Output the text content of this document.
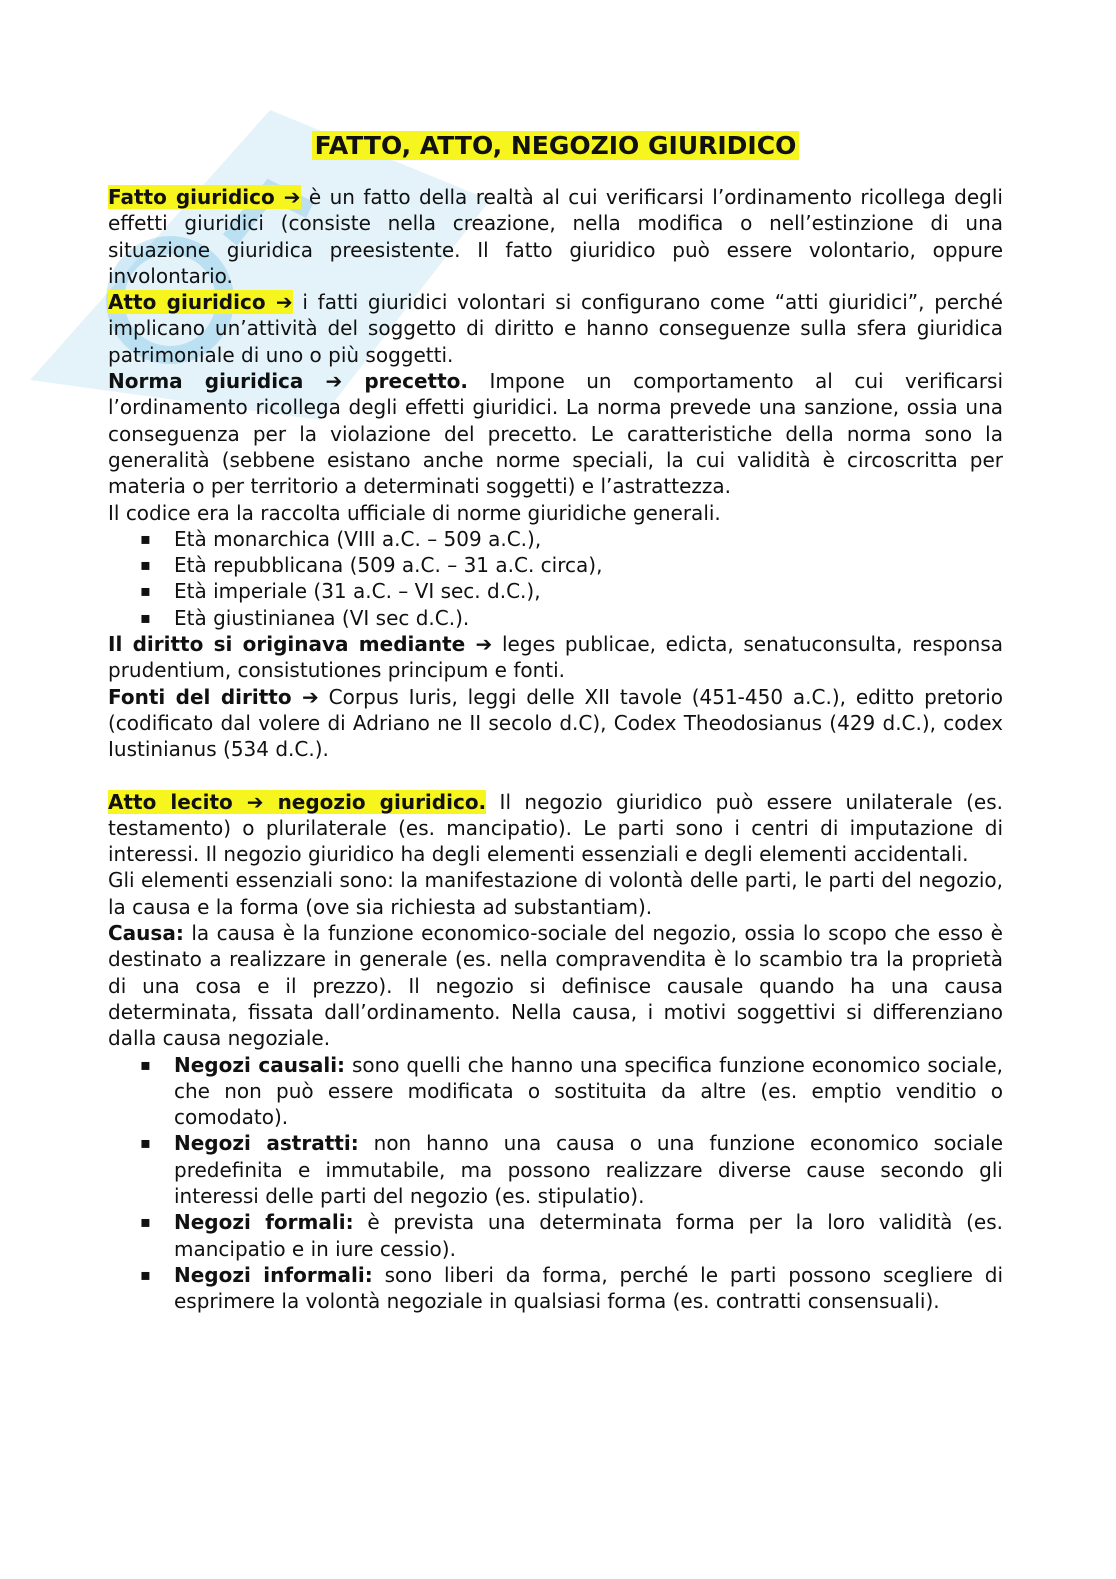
FATTO, ATTO, NEGOZIO GIURIDICO

Fatto giuridico ➔ è un fatto della realtà al cui verificarsi l’ordinamento ricollega degli effetti giuridici (consiste nella creazione, nella modifica o nell’estinzione di una situazione giuridica preesistente. Il fatto giuridico può essere volontario, oppure involontario.

Atto giuridico ➔ i fatti giuridici volontari si configurano come “atti giuridici”, perché implicano un’attività del soggetto di diritto e hanno conseguenze sulla sfera giuridica patrimoniale di uno o più soggetti.

Norma giuridica ➔ precetto. Impone un comportamento al cui verificarsi l’ordinamento ricollega degli effetti giuridici. La norma prevede una sanzione, ossia una conseguenza per la violazione del precetto. Le caratteristiche della norma sono la generalità (sebbene esistano anche norme speciali, la cui validità è circoscritta per materia o per territorio a determinati soggetti) e l’astrattezza.

Il codice era la raccolta ufficiale di norme giuridiche generali.

▪ Età monarchica (VIII a.C. – 509 a.C.),
▪ Età repubblicana (509 a.C. – 31 a.C. circa),
▪ Età imperiale (31 a.C. – VI sec. d.C.),
▪ Età giustinianea (VI sec d.C.).

Il diritto si originava mediante ➔ leges publicae, edicta, senatuconsulta, responsa prudentium, consistutiones principum e fonti.

Fonti del diritto ➔ Corpus Iuris, leggi delle XII tavole (451-450 a.C.), editto pretorio (codificato dal volere di Adriano ne II secolo d.C), Codex Theodosianus (429 d.C.), codex Iustinianus (534 d.C.).

Atto lecito ➔ negozio giuridico. Il negozio giuridico può essere unilaterale (es. testamento) o plurilaterale (es. mancipatio). Le parti sono i centri di imputazione di interessi. Il negozio giuridico ha degli elementi essenziali e degli elementi accidentali.

Gli elementi essenziali sono: la manifestazione di volontà delle parti, le parti del negozio, la causa e la forma (ove sia richiesta ad substantiam).

Causa: la causa è la funzione economico-sociale del negozio, ossia lo scopo che esso è destinato a realizzare in generale (es. nella compravendita è lo scambio tra la proprietà di una cosa e il prezzo). Il negozio si definisce causale quando ha una causa determinata, fissata dall’ordinamento. Nella causa, i motivi soggettivi si differenziano dalla causa negoziale.

▪ Negozi causali: sono quelli che hanno una specifica funzione economico sociale, che non può essere modificata o sostituita da altre (es. emptio venditio o comodato).
▪ Negozi astratti: non hanno una causa o una funzione economico sociale predefinita e immutabile, ma possono realizzare diverse cause secondo gli interessi delle parti del negozio (es. stipulatio).
▪ Negozi formali: è prevista una determinata forma per la loro validità (es. mancipatio e in iure cessio).
▪ Negozi informali: sono liberi da forma, perché le parti possono scegliere di esprimere la volontà negoziale in qualsiasi forma (es. contratti consensuali).
